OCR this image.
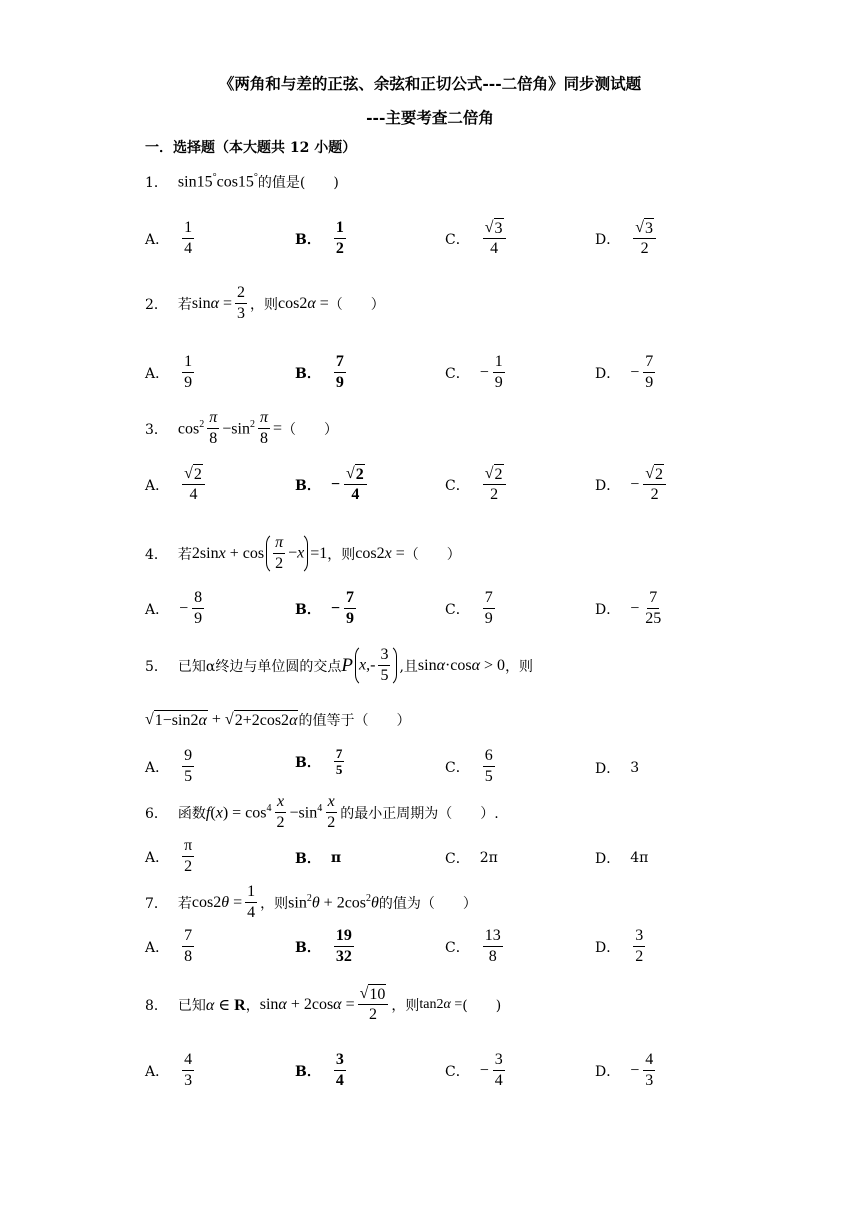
《两角和与差的正弦、余弦和正切公式---二倍角》同步测试题
---主要考查二倍角
一．选择题（本大题共 12 小题）
1． sin15°cos15° 的值是(　　)
A． $\frac{1}{4}$	B． $\frac{1}{2}$	C． $\frac{√ 3}{4}$	D． $\frac{√ 3}{2}$
2． 若 $\sin\alpha = \frac{2}{3}$ ，则 cos2α = （　　）
A． $\frac{1}{9}$	B． $\frac{7}{9}$	C． − $\frac{1}{9}$	D． − $\frac{7}{9}$
3． $\cos^2 \frac{\pi}{8} -\sin^2 \frac{\pi}{8}$ = （　　）
A． $\frac{√ 2}{4}$	B． − $\frac{√ 2}{4}$	C． $\frac{√ 2}{2}$	D． − $\frac{√ 2}{2}$
4． 若 $2\sin x + \cos \frac{\pi}{2} -x =1$ ，则 cos2x = （　　）
A． − $\frac{8}{9}$	B． − $\frac{7}{9}$	C． $\frac{7}{9}$	D． − $\frac{7}{25}$
5． 已知α终边与单位圆的交点 P $x,- \frac{3}{5}$ ,且 sinα·cosα > 0 ，则
√ 1−sin2α + √ 2+2cos2α 的值等于（　　）
A． $\frac{9}{5}$	B． $\frac{7}{5}$	C． $\frac{6}{5}$	D． 3
6． 函数 $f(x) = \cos^4 \frac{x}{2} -\sin^4 \frac{x}{2}$ 的最小正周期为（　　）.
A． $\frac{\pi}{2}$	B． π	C． 2π	D． 4π
7． 若 $\cos 2\theta = \frac{1}{4}$ ，则 $\sin^2\theta + 2\cos^2\theta$ 的值为（　　）
A． $\frac{7}{8}$	B． $\frac{19}{32}$	C． $\frac{13}{8}$	D． $\frac{3}{2}$
8． 已知 α ∈ R ， $\sin\alpha + 2\cos\alpha = \frac{√ 10}{2}$ ，则 tan2α = (　　)
A． $\frac{4}{3}$	B． $\frac{3}{4}$	C． − $\frac{3}{4}$	D． − $\frac{4}{3}$
